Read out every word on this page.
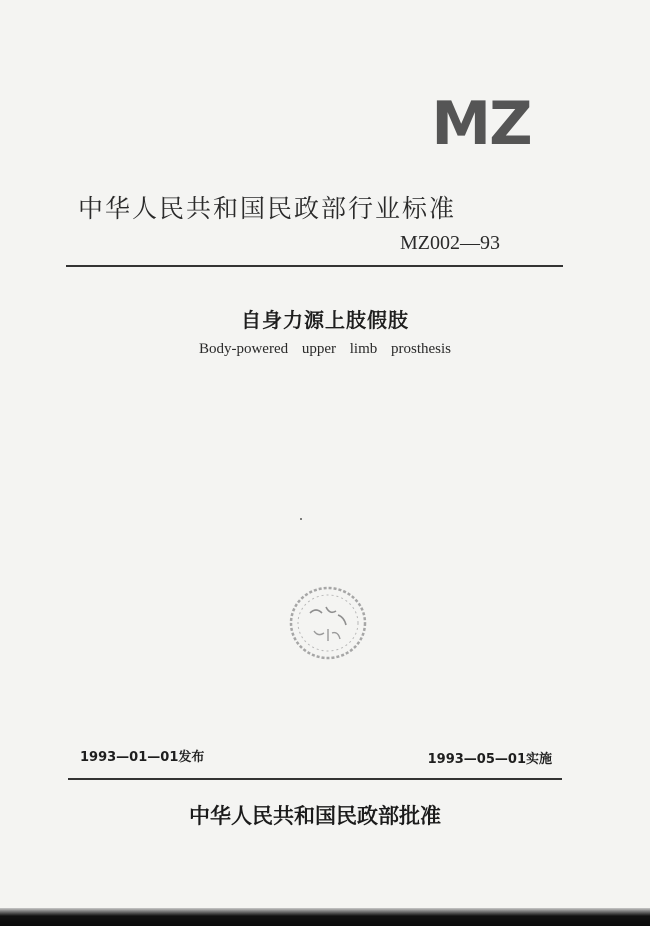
MZ
中华人民共和国民政部行业标准
MZ002—93
自身力源上肢假肢
Body-powered upper limb prosthesis
1993—01—01发布	1993—05—01实施
中华人民共和国民政部批准
